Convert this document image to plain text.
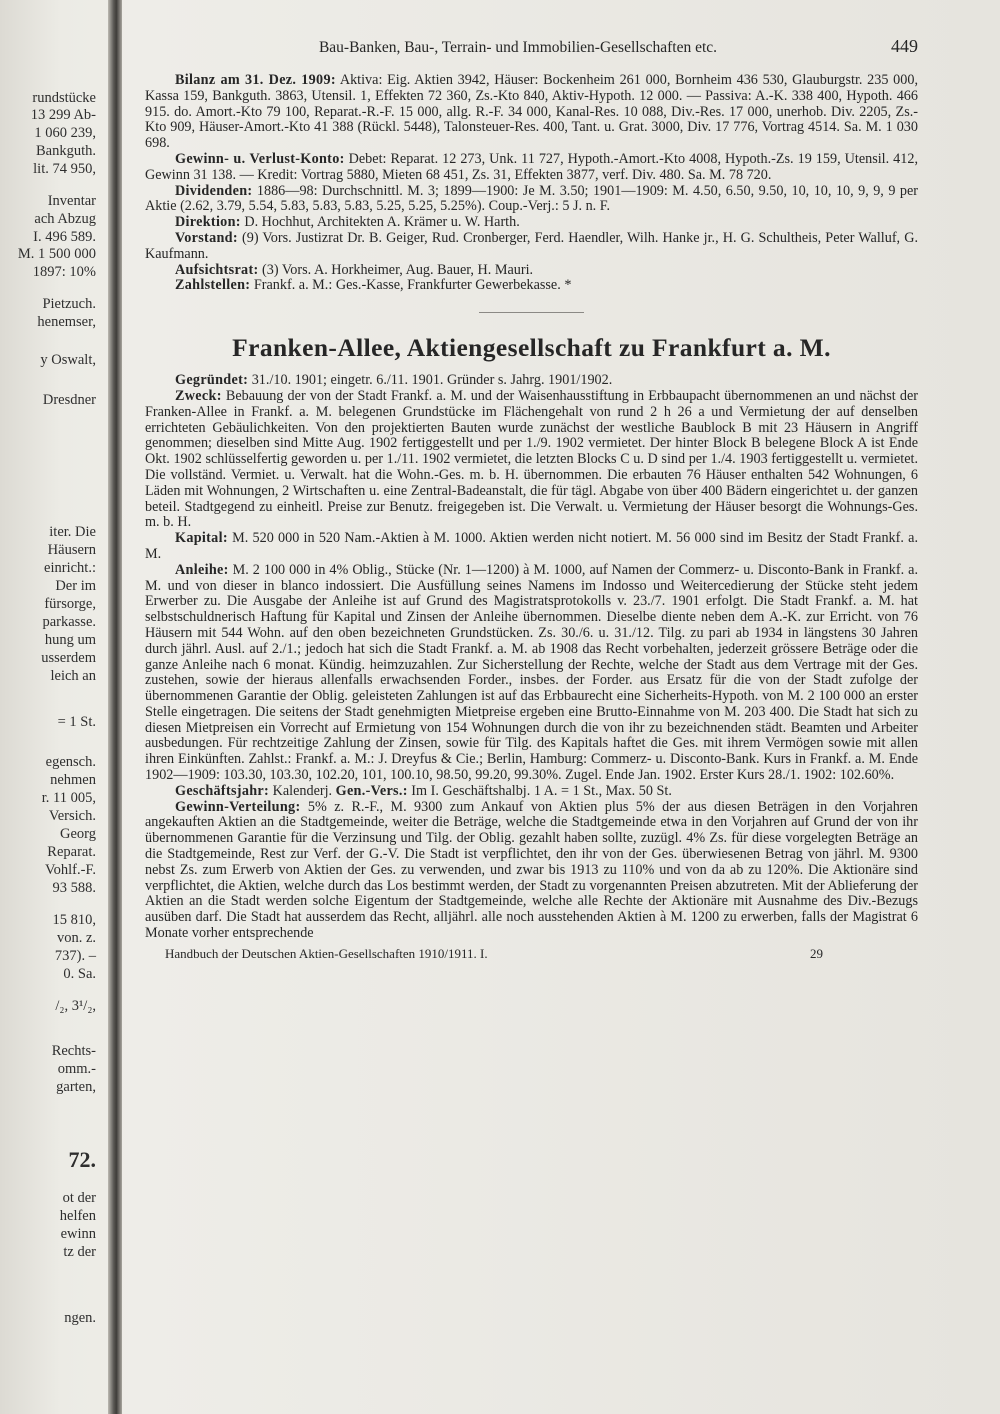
rundstücke
13 299 Ab-
1 060 239,
Bankguth.
lit. 74 950,
Inventar
ach Abzug
I. 496 589.
M. 1 500 000
1897: 10%
Pietzuch.
henemser,
y Oswalt,
Dresdner
iter. Die
Häusern
einricht.:
Der im
fürsorge,
parkasse.
hung um
usserdem
leich an
= 1 St.
egensch.
nehmen
r. 11 005,
Versich.
Georg
Reparat.
Vohlf.-F.
93 588.
15 810,
von. z.
737). –
0. Sa.
/₂, 3¹/₂,
Rechts-
omm.-
garten,
72.
ot der
helfen
ewinn
tz der
ngen.
Bau-Banken, Bau-, Terrain- und Immobilien-Gesellschaften etc.	449

Bilanz am 31. Dez. 1909: Aktiva: Eig. Aktien 3942, Häuser: Bockenheim 261 000, Bornheim 436 530, Glauburgstr. 235 000, Kassa 159, Bankguth. 3863, Utensil. 1, Effekten 72 360, Zs.-Kto 840, Aktiv-Hypoth. 12 000. — Passiva: A.-K. 338 400, Hypoth. 466 915. do. Amort.-Kto 79 100, Reparat.-R.-F. 15 000, allg. R.-F. 34 000, Kanal-Res. 10 088, Div.-Res. 17 000, unerhob. Div. 2205, Zs.-Kto 909, Häuser-Amort.-Kto 41 388 (Rückl. 5448), Talonsteuer-Res. 400, Tant. u. Grat. 3000, Div. 17 776, Vortrag 4514. Sa. M. 1 030 698.

Gewinn- u. Verlust-Konto: Debet: Reparat. 12 273, Unk. 11 727, Hypoth.-Amort.-Kto 4008, Hypoth.-Zs. 19 159, Utensil. 412, Gewinn 31 138. — Kredit: Vortrag 5880, Mieten 68 451, Zs. 31, Effekten 3877, verf. Div. 480. Sa. M. 78 720.

Dividenden: 1886—98: Durchschnittl. M. 3; 1899—1900: Je M. 3.50; 1901—1909: M. 4.50, 6.50, 9.50, 10, 10, 10, 9, 9, 9 per Aktie (2.62, 3.79, 5.54, 5.83, 5.83, 5.83, 5.25, 5.25, 5.25%). Coup.-Verj.: 5 J. n. F.

Direktion: D. Hochhut, Architekten A. Krämer u. W. Harth.

Vorstand: (9) Vors. Justizrat Dr. B. Geiger, Rud. Cronberger, Ferd. Haendler, Wilh. Hanke jr., H. G. Schultheis, Peter Walluf, G. Kaufmann.

Aufsichtsrat: (3) Vors. A. Horkheimer, Aug. Bauer, H. Mauri.

Zahlstellen: Frankf. a. M.: Ges.-Kasse, Frankfurter Gewerbekasse. *

Franken-Allee, Aktiengesellschaft zu Frankfurt a. M.

Gegründet: 31./10. 1901; eingetr. 6./11. 1901. Gründer s. Jahrg. 1901/1902.

Zweck: Bebauung der von der Stadt Frankf. a. M. und der Waisenhausstiftung in Erbbaupacht übernommenen an und nächst der Franken-Allee in Frankf. a. M. belegenen Grundstücke im Flächengehalt von rund 2 h 26 a und Vermietung der auf denselben errichteten Gebäulichkeiten. Von den projektierten Bauten wurde zunächst der westliche Baublock B mit 23 Häusern in Angriff genommen; dieselben sind Mitte Aug. 1902 fertiggestellt und per 1./9. 1902 vermietet. Der hinter Block B belegene Block A ist Ende Okt. 1902 schlüsselfertig geworden u. per 1./11. 1902 vermietet, die letzten Blocks C u. D sind per 1./4. 1903 fertiggestellt u. vermietet. Die vollständ. Vermiet. u. Verwalt. hat die Wohn.-Ges. m. b. H. übernommen. Die erbauten 76 Häuser enthalten 542 Wohnungen, 6 Läden mit Wohnungen, 2 Wirtschaften u. eine Zentral-Badeanstalt, die für tägl. Abgabe von über 400 Bädern eingerichtet u. der ganzen beteil. Stadtgegend zu einheitl. Preise zur Benutz. freigegeben ist. Die Verwalt. u. Vermietung der Häuser besorgt die Wohnungs-Ges. m. b. H.

Kapital: M. 520 000 in 520 Nam.-Aktien à M. 1000. Aktien werden nicht notiert. M. 56 000 sind im Besitz der Stadt Frankf. a. M.

Anleihe: M. 2 100 000 in 4% Oblig., Stücke (Nr. 1—1200) à M. 1000, auf Namen der Commerz- u. Disconto-Bank in Frankf. a. M. und von dieser in blanco indossiert. Die Ausfüllung seines Namens im Indosso und Weitercedierung der Stücke steht jedem Erwerber zu. Die Ausgabe der Anleihe ist auf Grund des Magistratsprotokolls v. 23./7. 1901 erfolgt. Die Stadt Frankf. a. M. hat selbstschuldnerisch Haftung für Kapital und Zinsen der Anleihe übernommen. Dieselbe diente neben dem A.-K. zur Erricht. von 76 Häusern mit 544 Wohn. auf den oben bezeichneten Grundstücken. Zs. 30./6. u. 31./12. Tilg. zu pari ab 1934 in längstens 30 Jahren durch jährl. Ausl. auf 2./1.; jedoch hat sich die Stadt Frankf. a. M. ab 1908 das Recht vorbehalten, jederzeit grössere Beträge oder die ganze Anleihe nach 6 monat. Kündig. heimzuzahlen. Zur Sicherstellung der Rechte, welche der Stadt aus dem Vertrage mit der Ges. zustehen, sowie der hieraus allenfalls erwachsenden Forder., insbes. der Forder. aus Ersatz für die von der Stadt zufolge der übernommenen Garantie der Oblig. geleisteten Zahlungen ist auf das Erbbaurecht eine Sicherheits-Hypoth. von M. 2 100 000 an erster Stelle eingetragen. Die seitens der Stadt genehmigten Mietpreise ergeben eine Brutto-Einnahme von M. 203 400. Die Stadt hat sich zu diesen Mietpreisen ein Vorrecht auf Ermietung von 154 Wohnungen durch die von ihr zu bezeichnenden städt. Beamten und Arbeiter ausbedungen. Für rechtzeitige Zahlung der Zinsen, sowie für Tilg. des Kapitals haftet die Ges. mit ihrem Vermögen sowie mit allen ihren Einkünften. Zahlst.: Frankf. a. M.: J. Dreyfus & Cie.; Berlin, Hamburg: Commerz- u. Disconto-Bank. Kurs in Frankf. a. M. Ende 1902—1909: 103.30, 103.30, 102.20, 101, 100.10, 98.50, 99.20, 99.30%. Zugel. Ende Jan. 1902. Erster Kurs 28./1. 1902: 102.60%.

Geschäftsjahr: Kalenderj. Gen.-Vers.: Im I. Geschäftshalbj. 1 A. = 1 St., Max. 50 St.

Gewinn-Verteilung: 5% z. R.-F., M. 9300 zum Ankauf von Aktien plus 5% der aus diesen Beträgen in den Vorjahren angekauften Aktien an die Stadtgemeinde, weiter die Beträge, welche die Stadtgemeinde etwa in den Vorjahren auf Grund der von ihr übernommenen Garantie für die Verzinsung und Tilg. der Oblig. gezahlt haben sollte, zuzügl. 4% Zs. für diese vorgelegten Beträge an die Stadtgemeinde, Rest zur Verf. der G.-V. Die Stadt ist verpflichtet, den ihr von der Ges. überwiesenen Betrag von jährl. M. 9300 nebst Zs. zum Erwerb von Aktien der Ges. zu verwenden, und zwar bis 1913 zu 110% und von da ab zu 120%. Die Aktionäre sind verpflichtet, die Aktien, welche durch das Los bestimmt werden, der Stadt zu vorgenannten Preisen abzutreten. Mit der Ablieferung der Aktien an die Stadt werden solche Eigentum der Stadtgemeinde, welche alle Rechte der Aktionäre mit Ausnahme des Div.-Bezugs ausüben darf. Die Stadt hat ausserdem das Recht, alljährl. alle noch ausstehenden Aktien à M. 1200 zu erwerben, falls der Magistrat 6 Monate vorher entsprechende

Handbuch der Deutschen Aktien-Gesellschaften 1910/1911. I.	29
